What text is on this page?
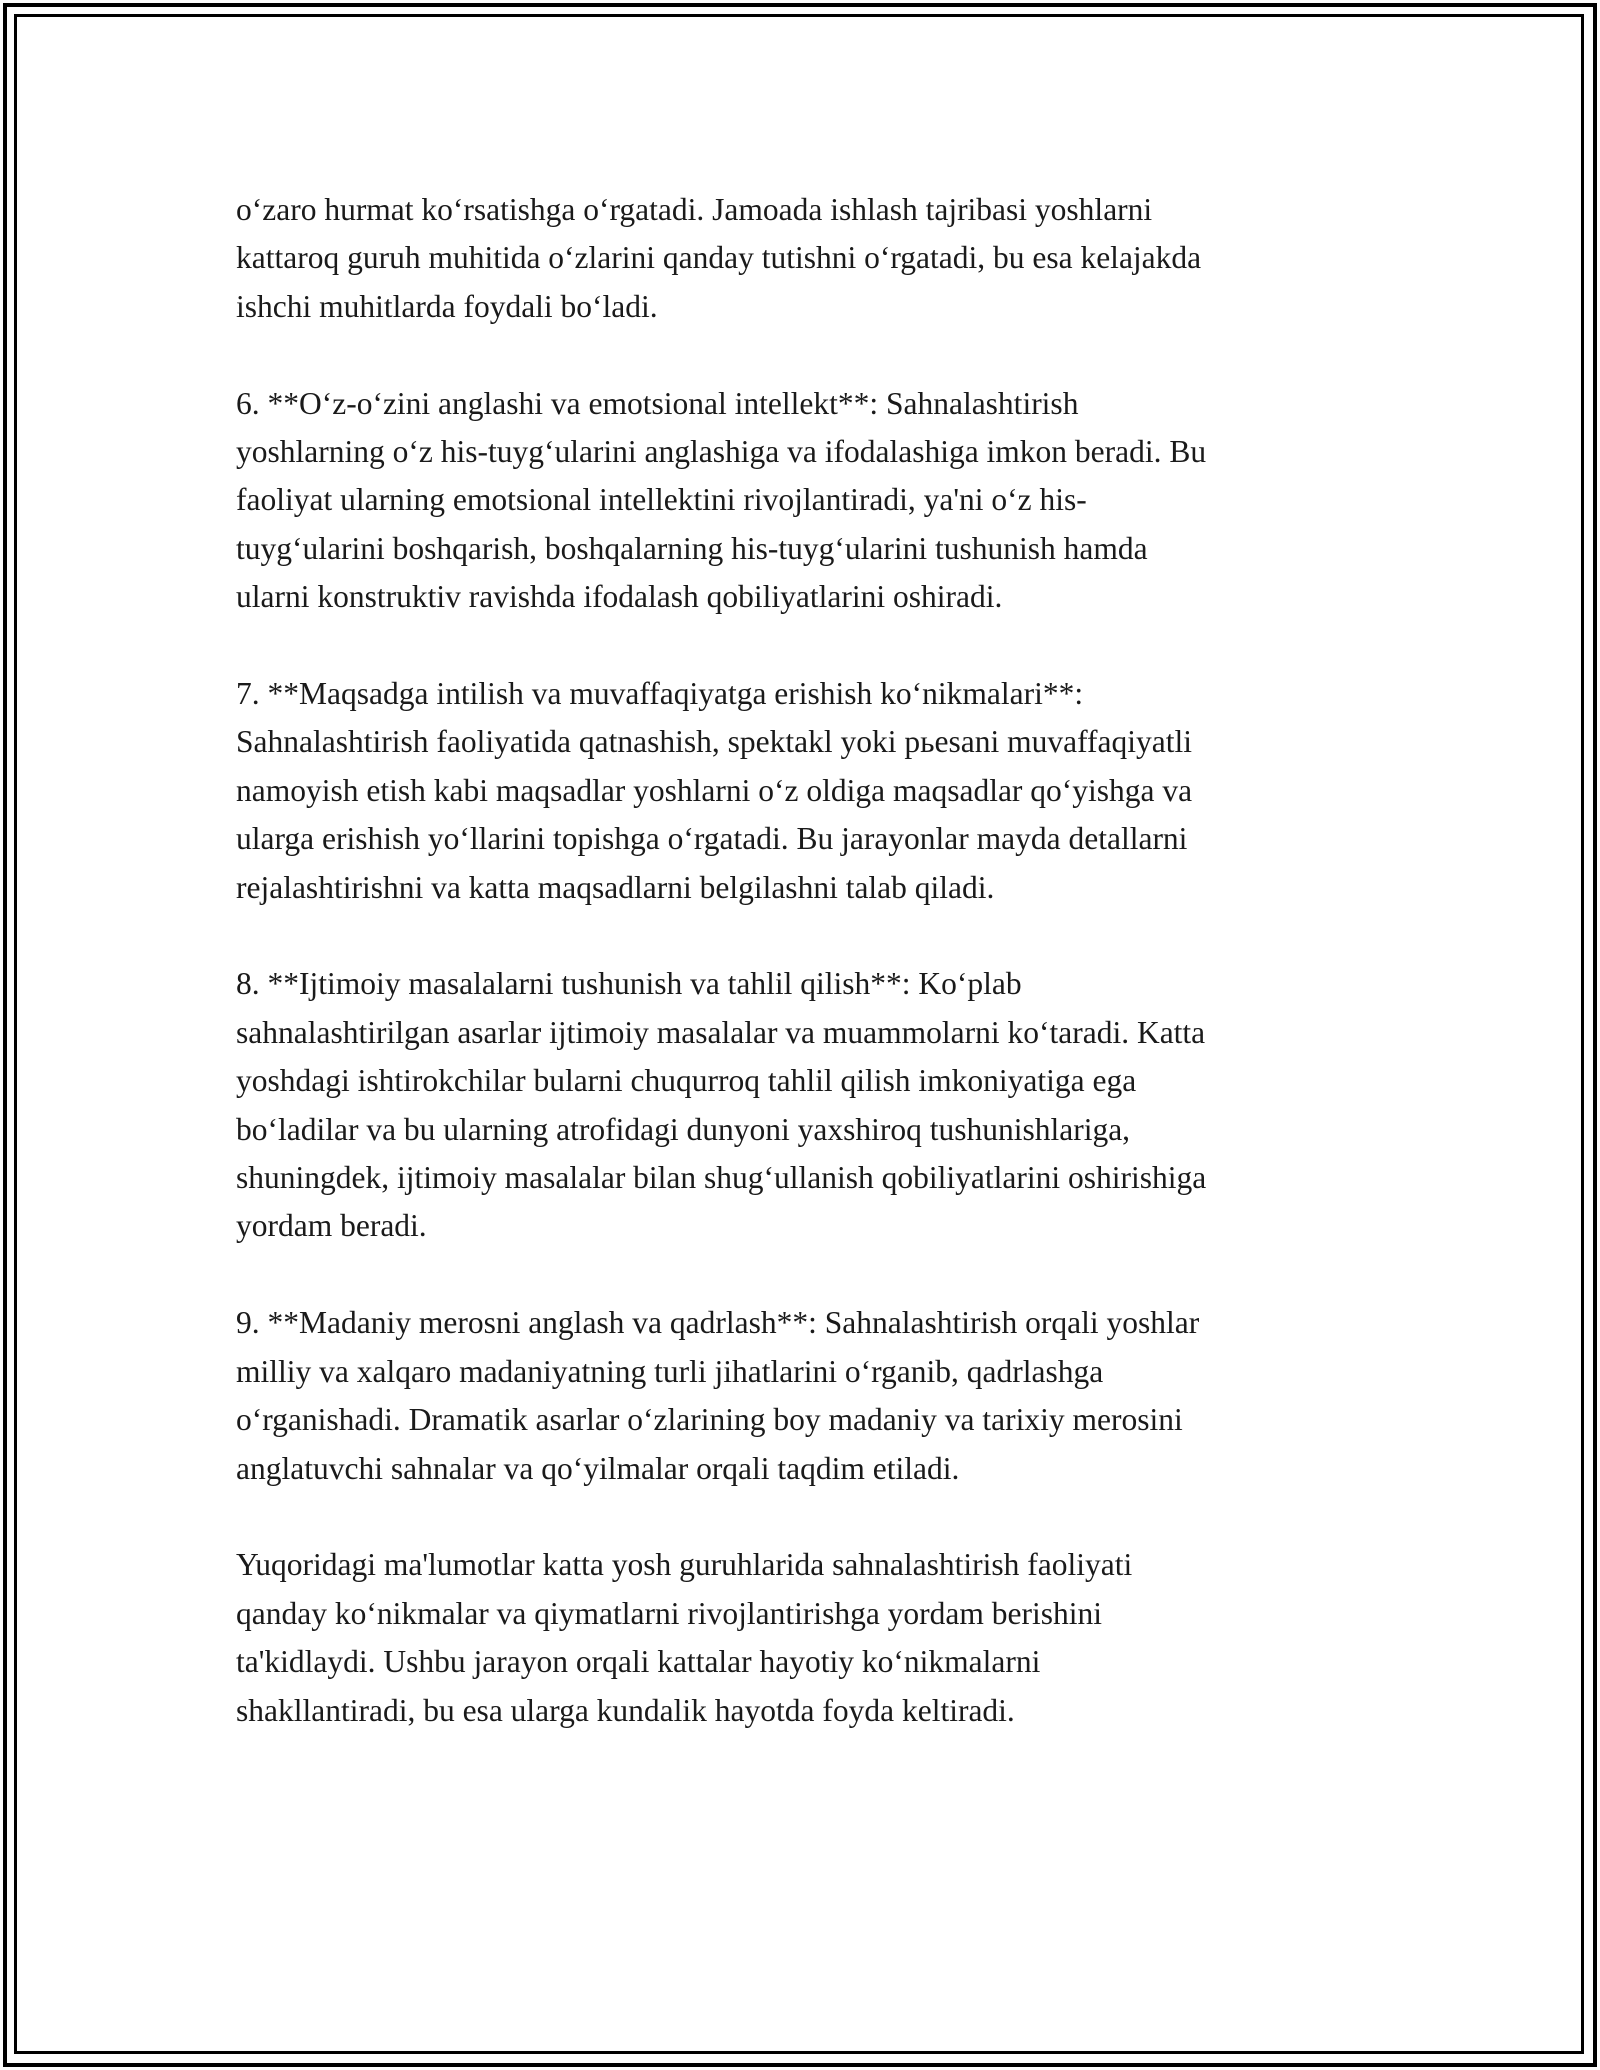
o‘zaro hurmat ko‘rsatishga o‘rgatadi. Jamoada ishlash tajribasi yoshlarni
kattaroq guruh muhitida o‘zlarini qanday tutishni o‘rgatadi, bu esa kelajakda
ishchi muhitlarda foydali bo‘ladi.

6. **O‘z-o‘zini anglashi va emotsional intellekt**: Sahnalashtirish
yoshlarning o‘z his-tuyg‘ularini anglashiga va ifodalashiga imkon beradi. Bu
faoliyat ularning emotsional intellektini rivojlantiradi, ya'ni o‘z his-
tuyg‘ularini boshqarish, boshqalarning his-tuyg‘ularini tushunish hamda
ularni konstruktiv ravishda ifodalash qobiliyatlarini oshiradi.

7. **Maqsadga intilish va muvaffaqiyatga erishish ko‘nikmalari**:
Sahnalashtirish faoliyatida qatnashish, spektakl yoki pьesani muvaffaqiyatli
namoyish etish kabi maqsadlar yoshlarni o‘z oldiga maqsadlar qo‘yishga va
ularga erishish yo‘llarini topishga o‘rgatadi. Bu jarayonlar mayda detallarni
rejalashtirishni va katta maqsadlarni belgilashni talab qiladi.

8. **Ijtimoiy masalalarni tushunish va tahlil qilish**: Ko‘plab
sahnalashtirilgan asarlar ijtimoiy masalalar va muammolarni ko‘taradi. Katta
yoshdagi ishtirokchilar bularni chuqurroq tahlil qilish imkoniyatiga ega
bo‘ladilar va bu ularning atrofidagi dunyoni yaxshiroq tushunishlariga,
shuningdek, ijtimoiy masalalar bilan shug‘ullanish qobiliyatlarini oshirishiga
yordam beradi.

9. **Madaniy merosni anglash va qadrlash**: Sahnalashtirish orqali yoshlar
milliy va xalqaro madaniyatning turli jihatlarini o‘rganib, qadrlashga
o‘rganishadi. Dramatik asarlar o‘zlarining boy madaniy va tarixiy merosini
anglatuvchi sahnalar va qo‘yilmalar orqali taqdim etiladi.

Yuqoridagi ma'lumotlar katta yosh guruhlarida sahnalashtirish faoliyati
qanday ko‘nikmalar va qiymatlarni rivojlantirishga yordam berishini
ta'kidlaydi. Ushbu jarayon orqali kattalar hayotiy ko‘nikmalarni
shakllantiradi, bu esa ularga kundalik hayotda foyda keltiradi.
